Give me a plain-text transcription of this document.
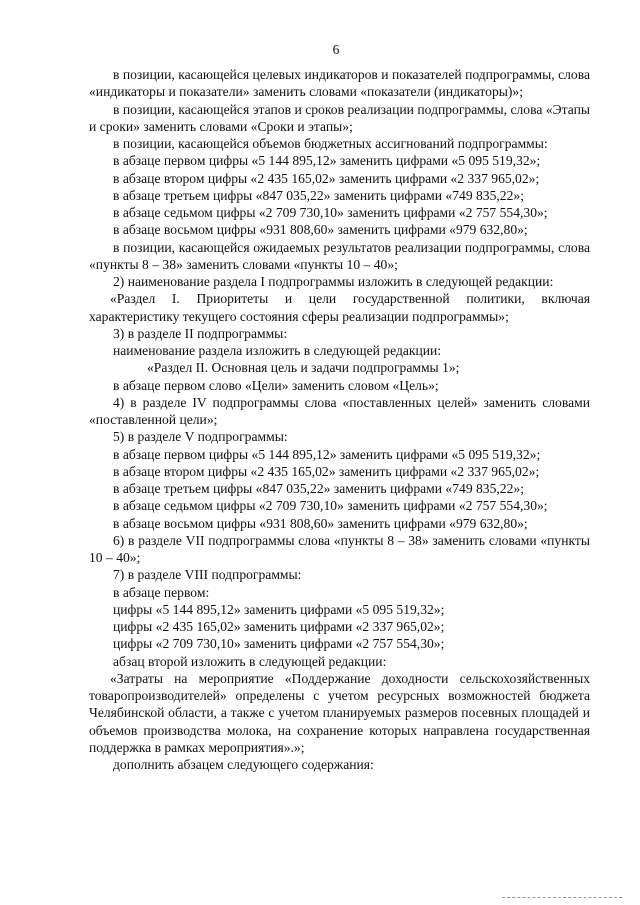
6

в позиции, касающейся целевых индикаторов и показателей подпрограммы, слова «индикаторы и показатели» заменить словами «показатели (индикаторы)»;

в позиции, касающейся этапов и сроков реализации подпрограммы, слова «Этапы и сроки» заменить словами «Сроки и этапы»;

в позиции, касающейся объемов бюджетных ассигнований подпрограммы:

в абзаце первом цифры «5 144 895,12» заменить цифрами «5 095 519,32»;

в абзаце втором цифры «2 435 165,02» заменить цифрами «2 337 965,02»;

в абзаце третьем цифры «847 035,22» заменить цифрами «749 835,22»;

в абзаце седьмом цифры «2 709 730,10» заменить цифрами «2 757 554,30»;

в абзаце восьмом цифры «931 808,60» заменить цифрами «979 632,80»;

в позиции, касающейся ожидаемых результатов реализации подпрограммы, слова «пункты 8 – 38» заменить словами «пункты 10 – 40»;

2) наименование раздела I подпрограммы изложить в следующей редакции:

«Раздел I. Приоритеты и цели государственной политики, включая характеристику текущего состояния сферы реализации подпрограммы»;

3) в разделе II подпрограммы:

наименование раздела изложить в следующей редакции:

«Раздел II. Основная цель и задачи подпрограммы 1»;

в абзаце первом слово «Цели» заменить словом «Цель»;

4) в разделе IV подпрограммы слова «поставленных целей» заменить словами «поставленной цели»;

5) в разделе V подпрограммы:

в абзаце первом цифры «5 144 895,12» заменить цифрами «5 095 519,32»;

в абзаце втором цифры «2 435 165,02» заменить цифрами «2 337 965,02»;

в абзаце третьем цифры «847 035,22» заменить цифрами «749 835,22»;

в абзаце седьмом цифры «2 709 730,10» заменить цифрами «2 757 554,30»;

в абзаце восьмом цифры «931 808,60» заменить цифрами «979 632,80»;

6) в разделе VII подпрограммы слова «пункты 8 – 38» заменить словами «пункты 10 – 40»;

7) в разделе VIII подпрограммы:

в абзаце первом:

цифры «5 144 895,12» заменить цифрами «5 095 519,32»;

цифры «2 435 165,02» заменить цифрами «2 337 965,02»;

цифры «2 709 730,10» заменить цифрами «2 757 554,30»;

абзац второй изложить в следующей редакции:

«Затраты на мероприятие «Поддержание доходности сельскохозяйственных товаропроизводителей» определены с учетом ресурсных возможностей бюджета Челябинской области, а также с учетом планируемых размеров посевных площадей и объемов производства молока, на сохранение которых направлена государственная поддержка в рамках мероприятия».»;

дополнить абзацем следующего содержания:
